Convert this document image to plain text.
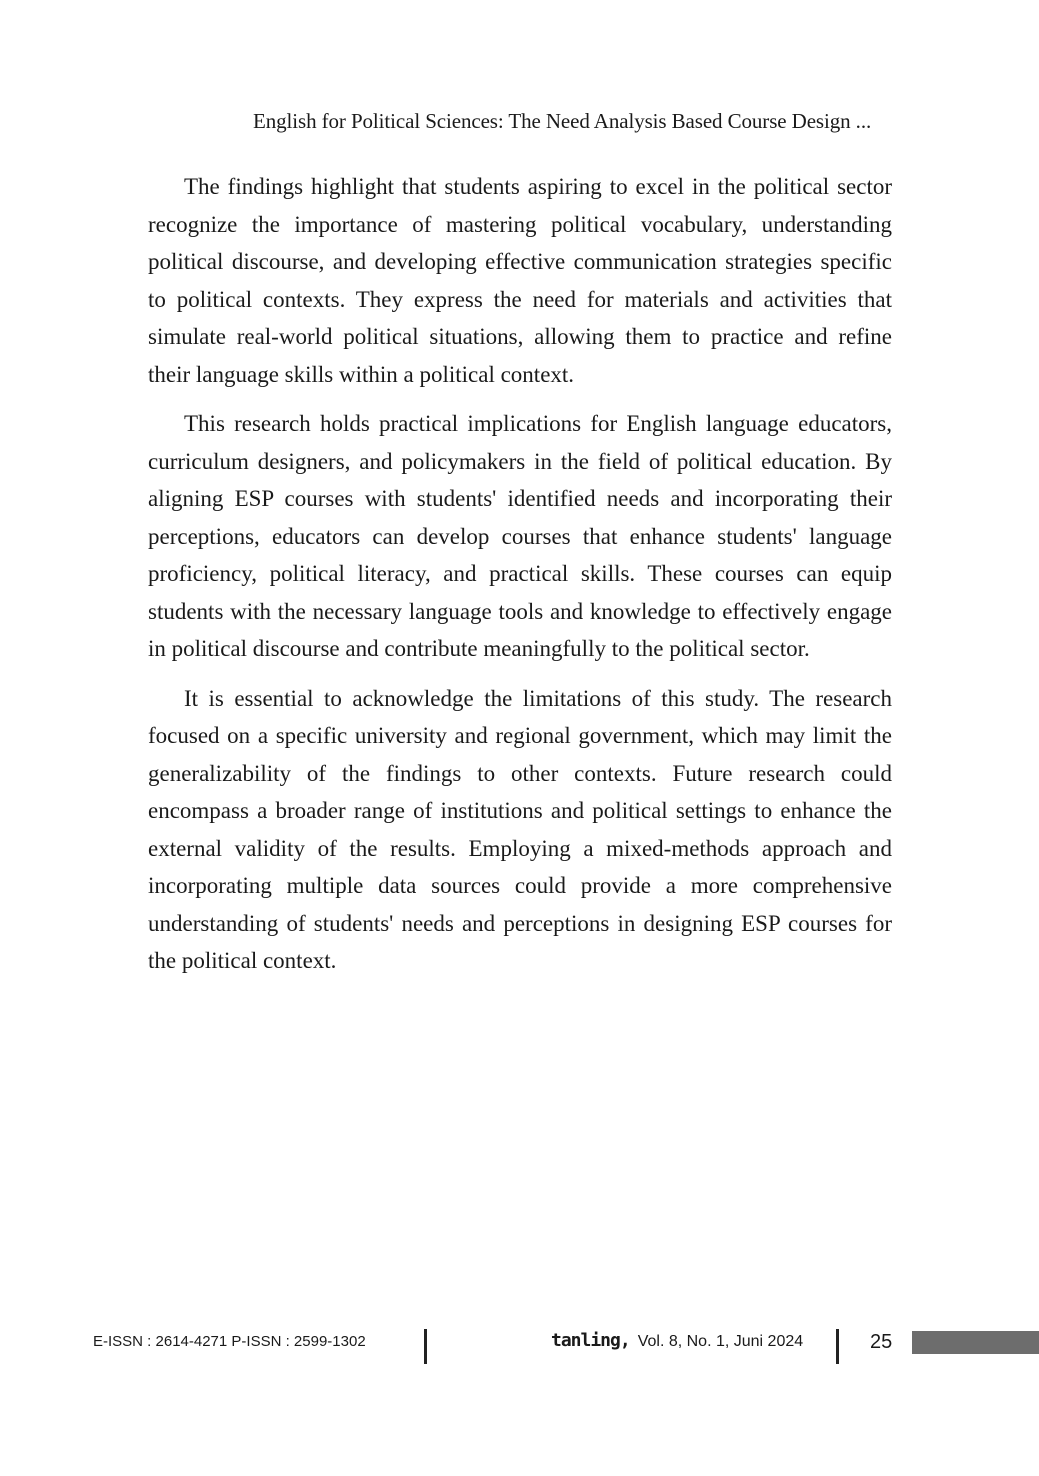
English for Political Sciences: The Need Analysis Based Course Design ...

The findings highlight that students aspiring to excel in the political sector recognize the importance of mastering political vocabulary, understanding political discourse, and developing effective communication strategies specific to political contexts. They express the need for materials and activities that simulate real-world political situations, allowing them to practice and refine their language skills within a political context.

This research holds practical implications for English language educators, curriculum designers, and policymakers in the field of political education. By aligning ESP courses with students' identified needs and incorporating their perceptions, educators can develop courses that enhance students' language proficiency, political literacy, and practical skills. These courses can equip students with the necessary language tools and knowledge to effectively engage in political discourse and contribute meaningfully to the political sector.

It is essential to acknowledge the limitations of this study. The research focused on a specific university and regional government, which may limit the generalizability of the findings to other contexts. Future research could encompass a broader range of institutions and political settings to enhance the external validity of the results. Employing a mixed-methods approach and incorporating multiple data sources could provide a more comprehensive understanding of students' needs and perceptions in designing ESP courses for the political context.

E-ISSN : 2614-4271 P-ISSN : 2599-1302	tanling, Vol. 8, No. 1, Juni 2024	25
